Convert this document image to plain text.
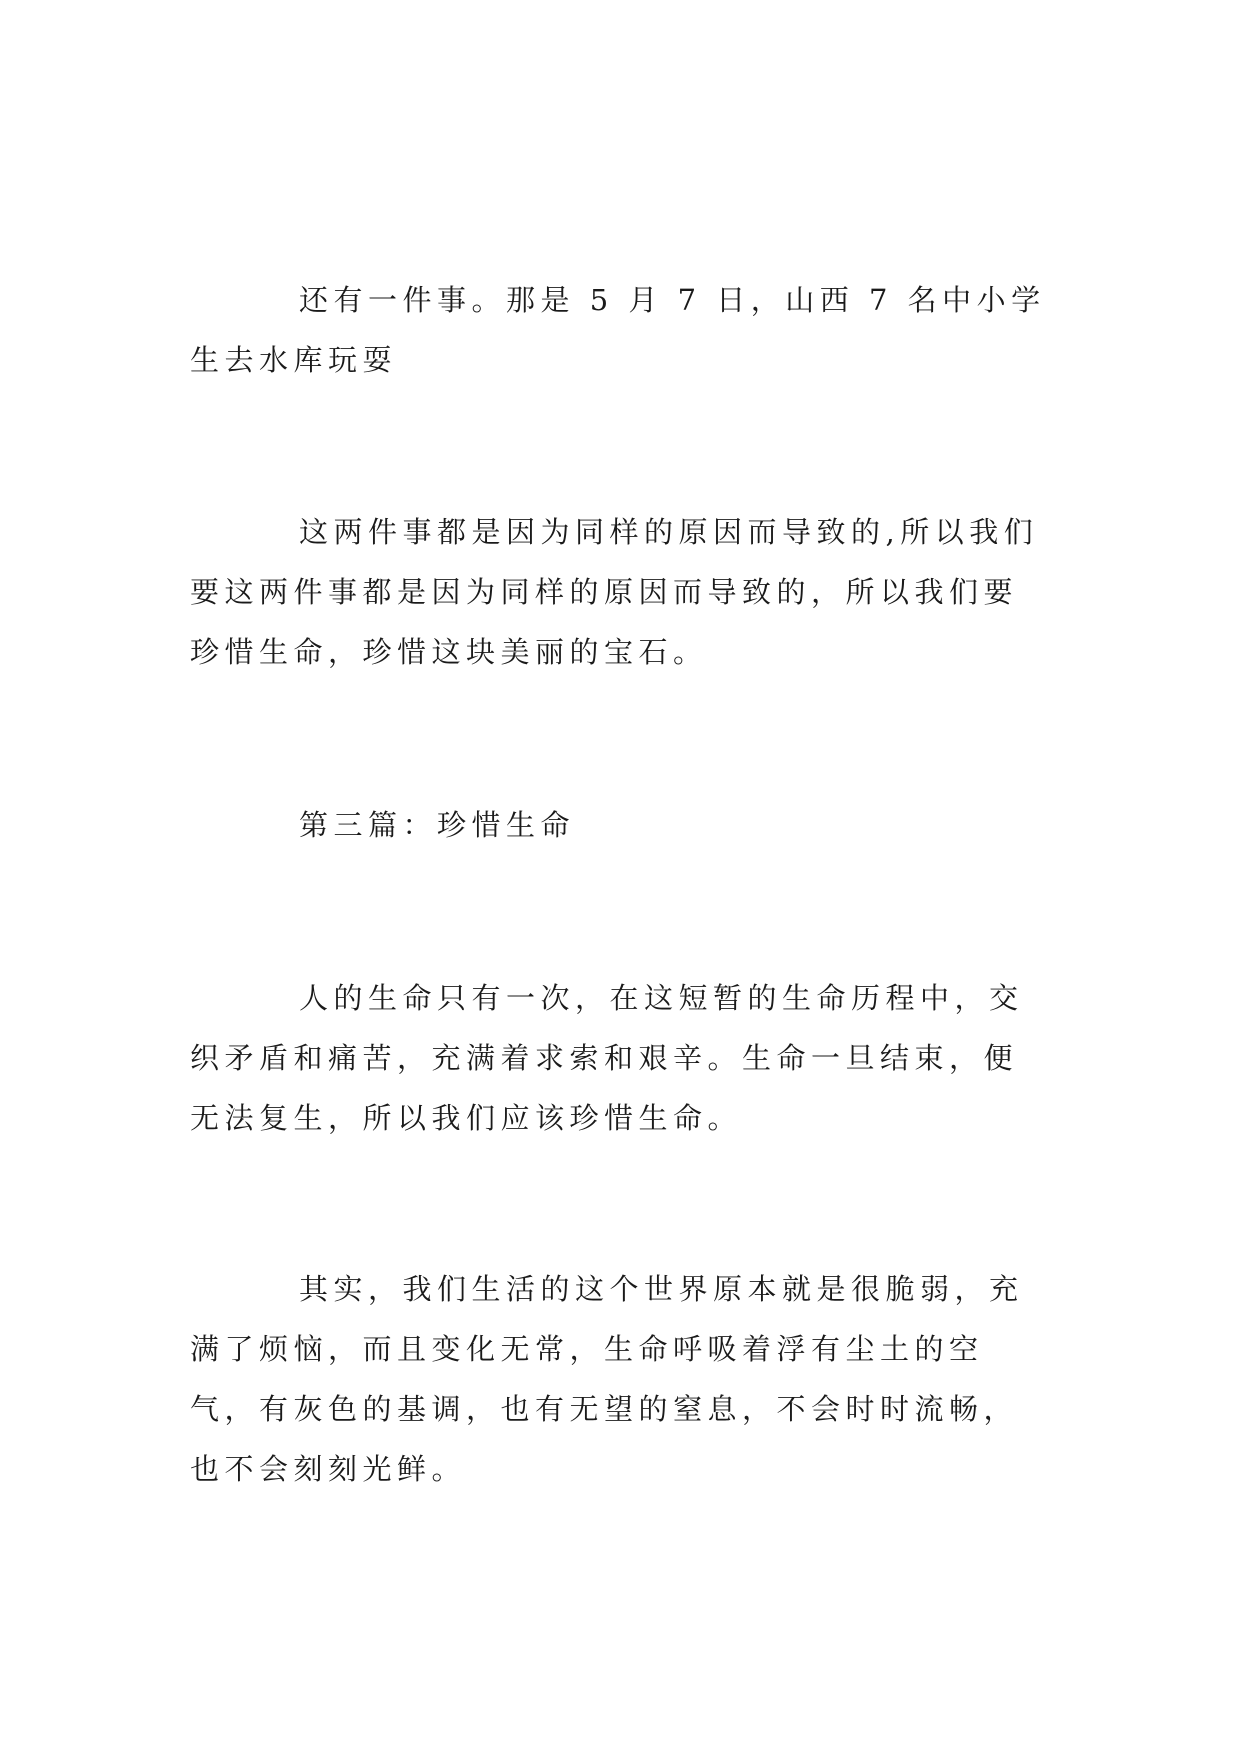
还有一件事。那是 5 月 7 日，山西 7 名中小学生去水库玩耍

这两件事都是因为同样的原因而导致的,所以我们要这两件事都是因为同样的原因而导致的，所以我们要珍惜生命，珍惜这块美丽的宝石。

第三篇：珍惜生命

人的生命只有一次，在这短暂的生命历程中，交织矛盾和痛苦，充满着求索和艰辛。生命一旦结束，便无法复生，所以我们应该珍惜生命。

其实，我们生活的这个世界原本就是很脆弱，充满了烦恼，而且变化无常，生命呼吸着浮有尘土的空气，有灰色的基调，也有无望的窒息，不会时时流畅，也不会刻刻光鲜。
